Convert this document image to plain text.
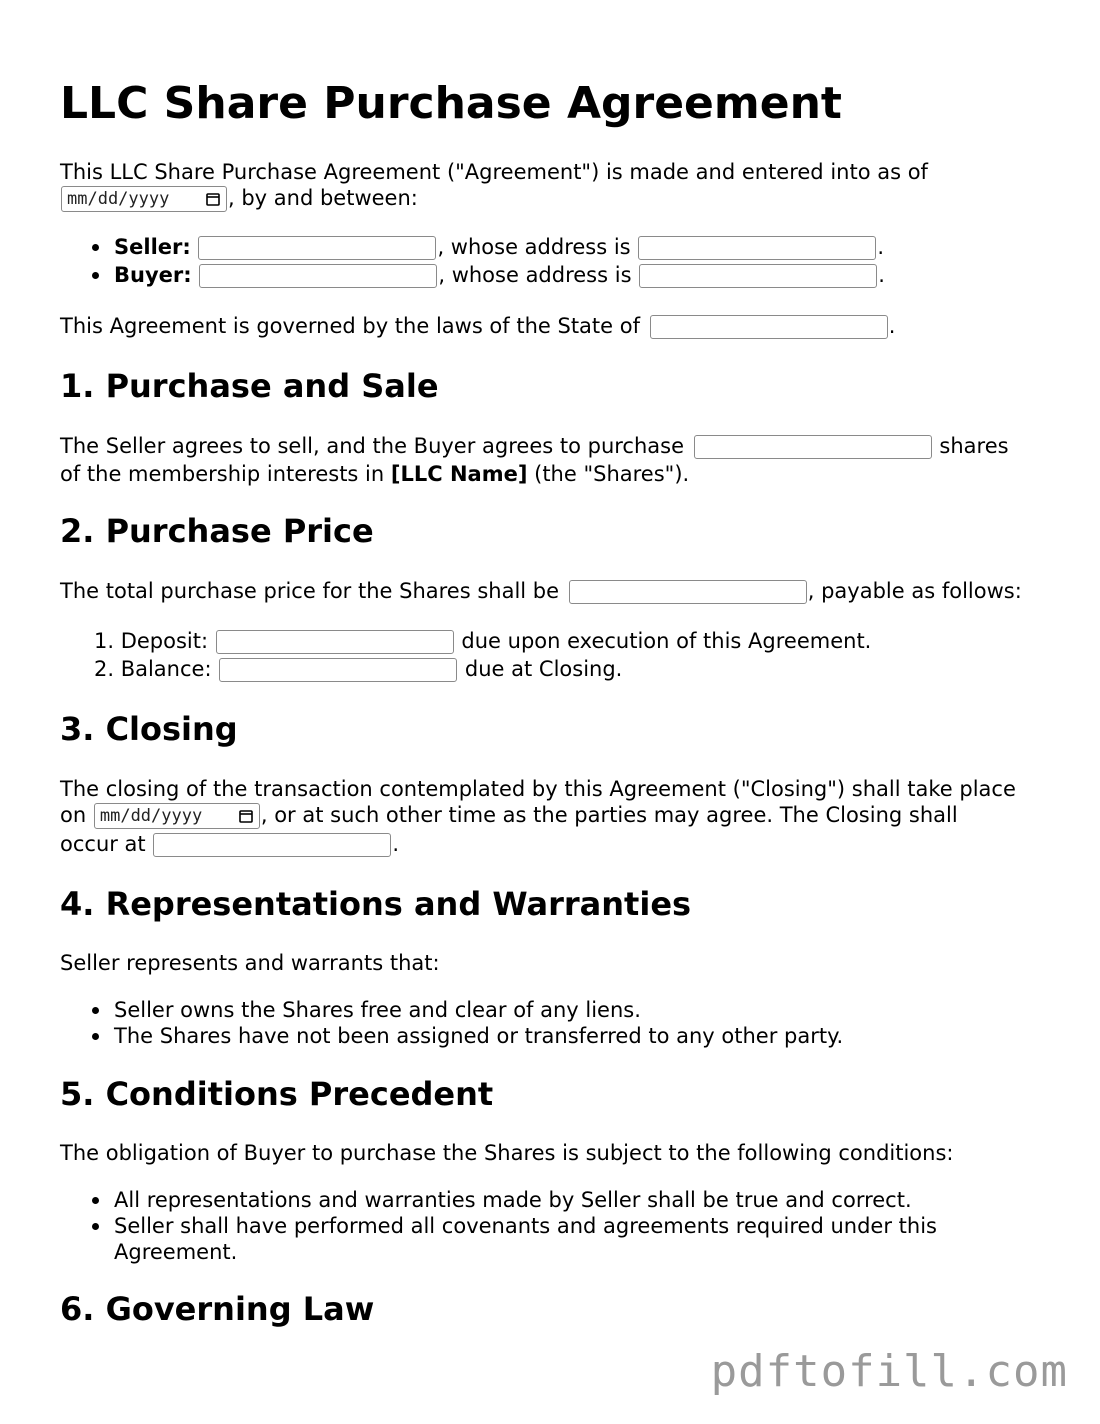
LLC Share Purchase Agreement
This LLC Share Purchase Agreement ("Agreement") is made and entered into as of

mm/dd/yyyy	, by and between:
Seller:	, whose address is	.
Buyer:	, whose address is	.
This Agreement is governed by the laws of the State of	.
1. Purchase and Sale
The Seller agrees to sell, and the Buyer agrees to purchase	shares
of the membership interests in [LLC Name] (the "Shares").
2. Purchase Price
The total purchase price for the Shares shall be	, payable as follows:
1. Deposit:	due upon execution of this Agreement.
2. Balance:	due at Closing.
3. Closing
The closing of the transaction contemplated by this Agreement ("Closing") shall take place
on mm/dd/yyyy	, or at such other time as the parties may agree. The Closing shall
occur at	.
4. Representations and Warranties
Seller represents and warrants that:
Seller owns the Shares free and clear of any liens.
The Shares have not been assigned or transferred to any other party.
5. Conditions Precedent
The obligation of Buyer to purchase the Shares is subject to the following conditions:
All representations and warranties made by Seller shall be true and correct.
Seller shall have performed all covenants and agreements required under this Agreement.
6. Governing Law
pdftofill.com
